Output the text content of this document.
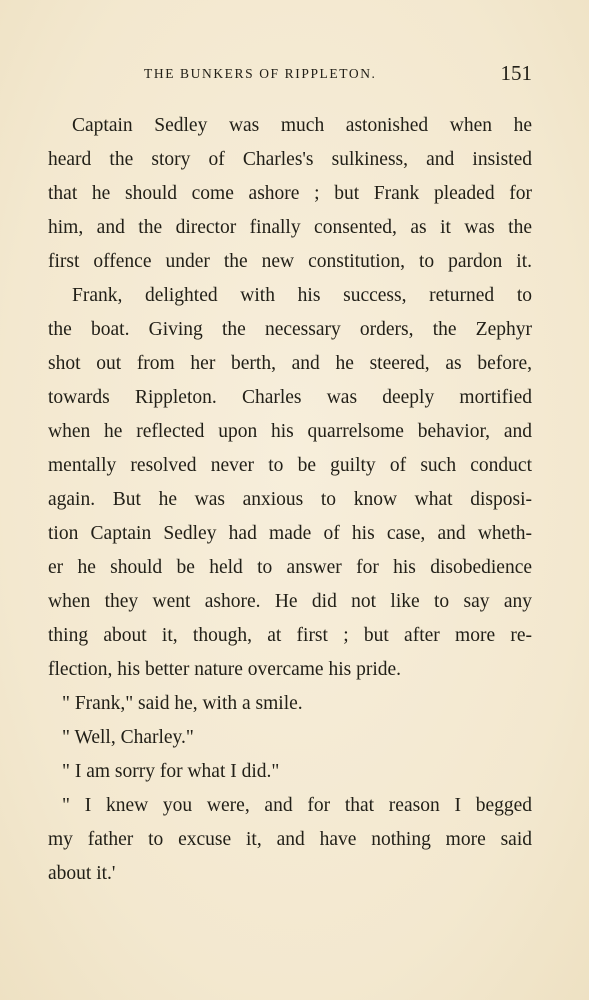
THE BUNKERS OF RIPPLETON.	151
Captain Sedley was much astonished when he
heard the story of Charles's sulkiness, and insisted
that he should come ashore ; but Frank pleaded for
him, and the director finally consented, as it was the
first offence under the new constitution, to pardon it.
Frank, delighted with his success, returned to
the boat. Giving the necessary orders, the Zephyr
shot out from her berth, and he steered, as before,
towards Rippleton. Charles was deeply mortified
when he reflected upon his quarrelsome behavior, and
mentally resolved never to be guilty of such conduct
again. But he was anxious to know what disposi-
tion Captain Sedley had made of his case, and wheth-
er he should be held to answer for his disobedience
when they went ashore. He did not like to say any
thing about it, though, at first ; but after more re-
flection, his better nature overcame his pride.
" Frank," said he, with a smile.
" Well, Charley."
" I am sorry for what I did."
" I knew you were, and for that reason I begged
my father to excuse it, and have nothing more said
about it.'
